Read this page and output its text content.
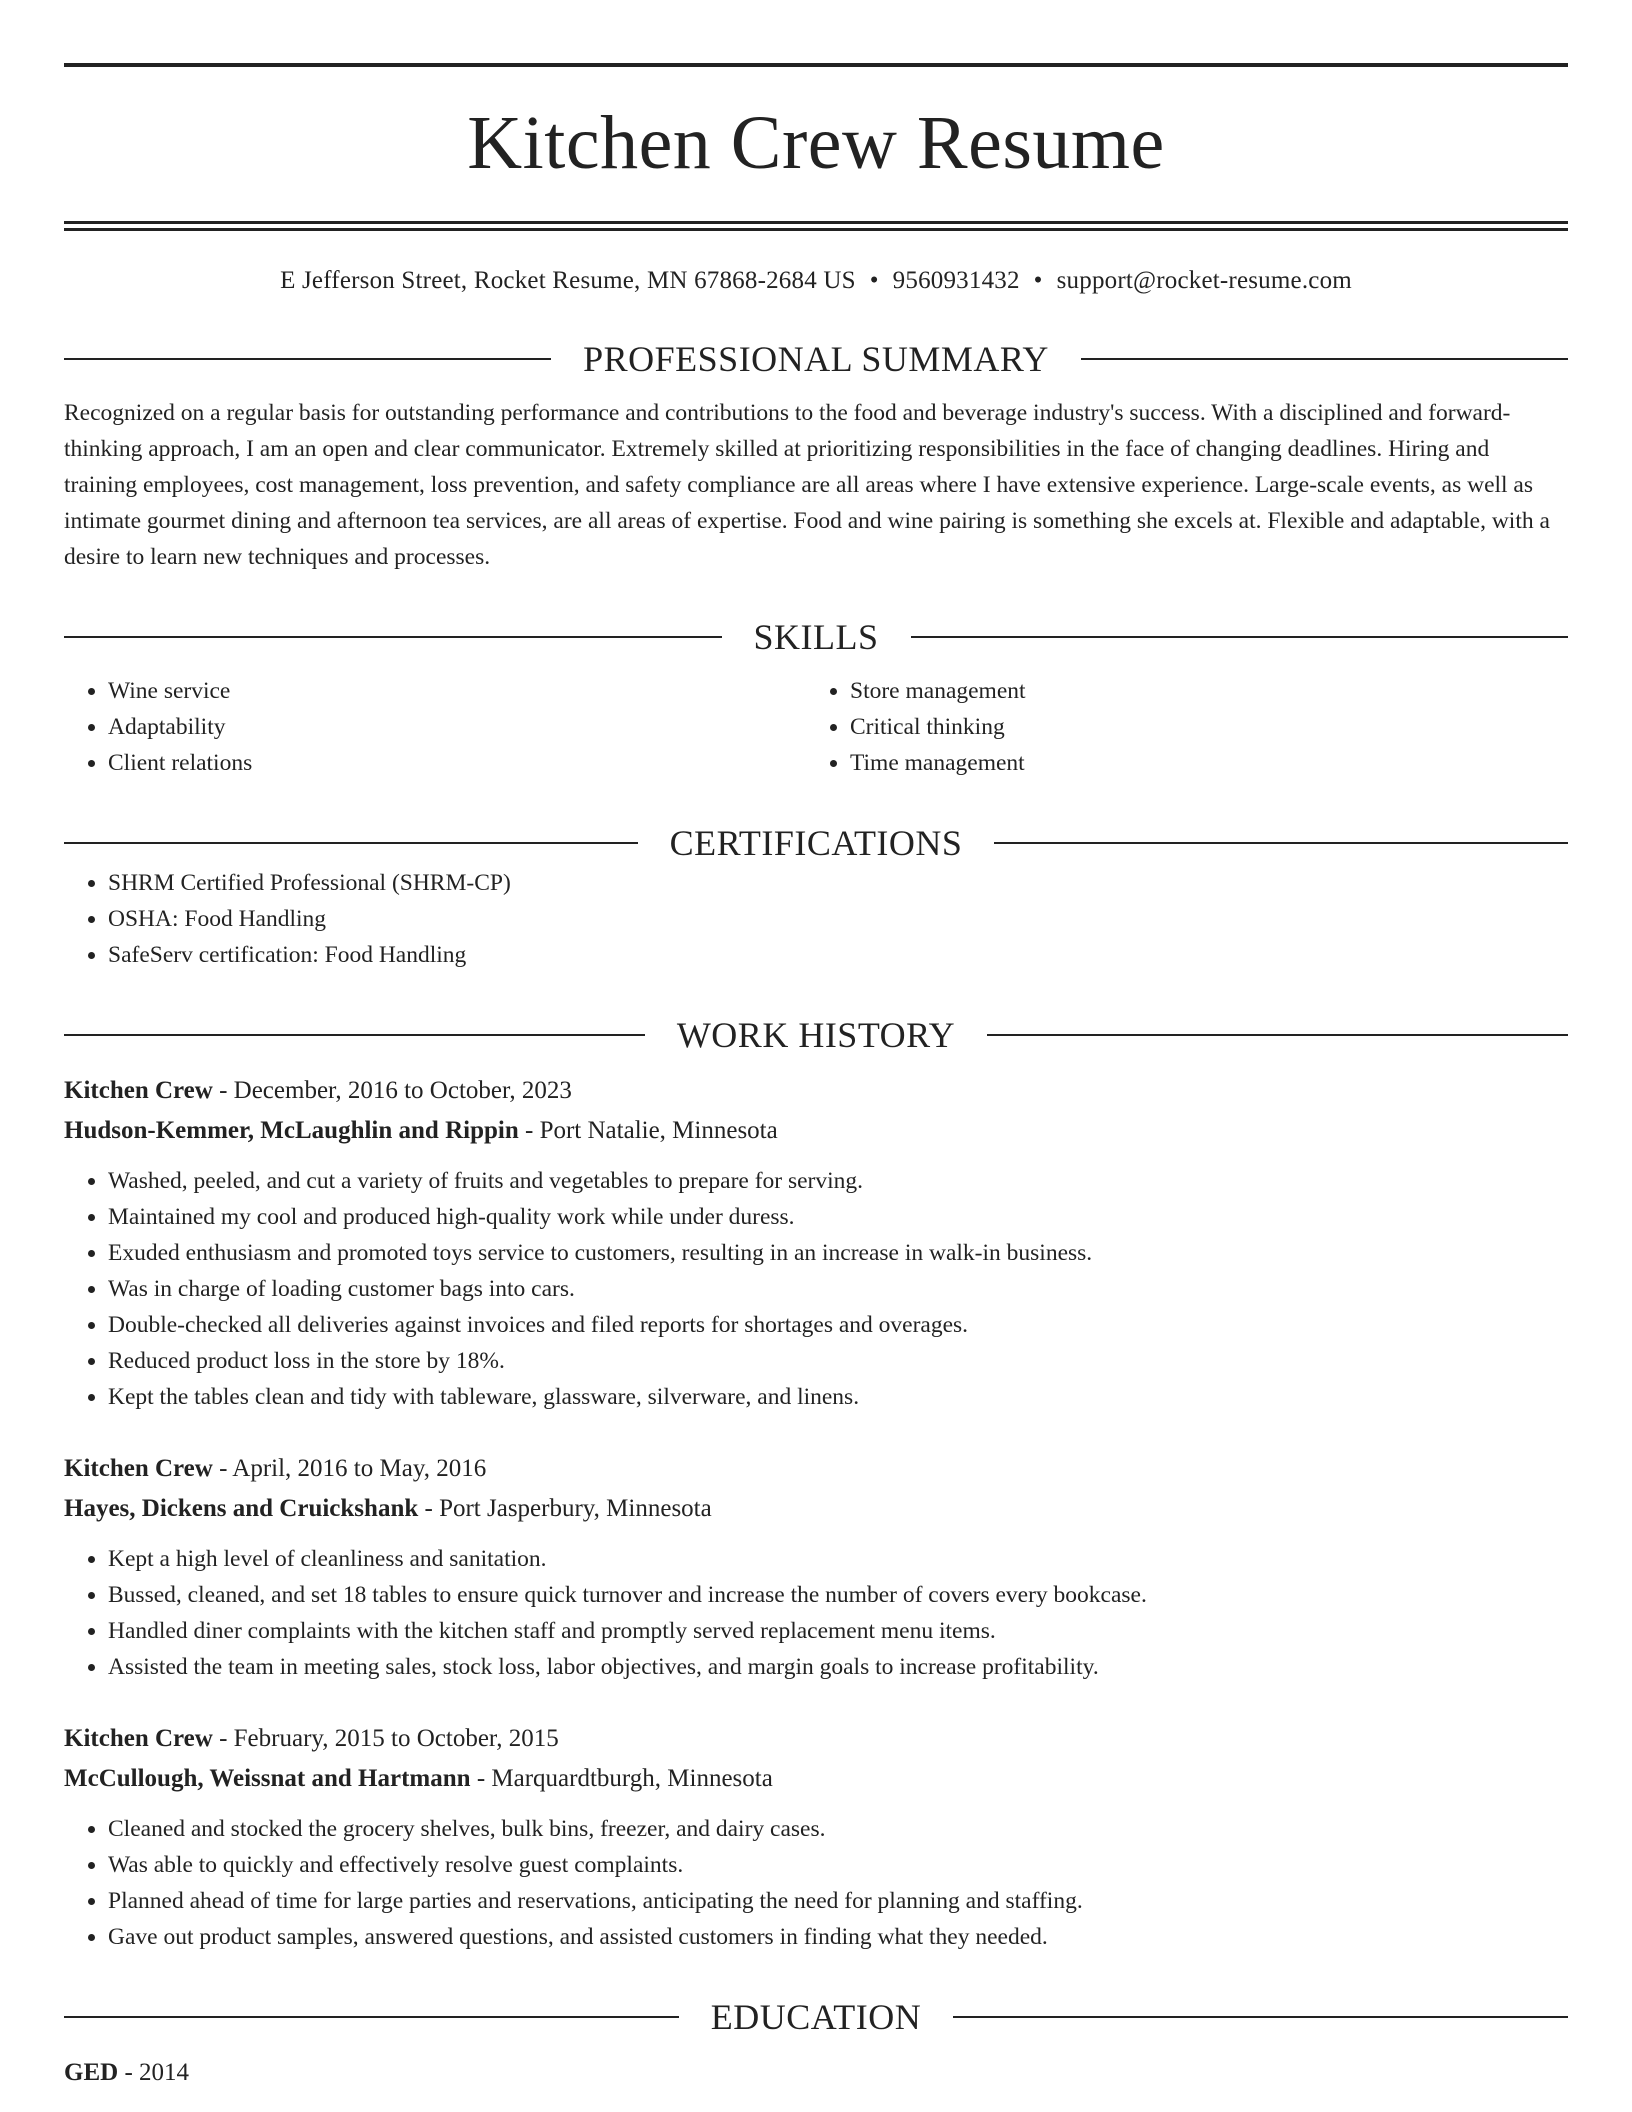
Kitchen Crew Resume
E Jefferson Street, Rocket Resume, MN 67868-2684 US • 9560931432 • support@rocket-resume.com
PROFESSIONAL SUMMARY
Recognized on a regular basis for outstanding performance and contributions to the food and beverage industry's success. With a disciplined and forward-thinking approach, I am an open and clear communicator. Extremely skilled at prioritizing responsibilities in the face of changing deadlines. Hiring and training employees, cost management, loss prevention, and safety compliance are all areas where I have extensive experience. Large-scale events, as well as intimate gourmet dining and afternoon tea services, are all areas of expertise. Food and wine pairing is something she excels at. Flexible and adaptable, with a desire to learn new techniques and processes.
SKILLS
• Wine service
• Adaptability
• Client relations
• Store management
• Critical thinking
• Time management
CERTIFICATIONS
• SHRM Certified Professional (SHRM-CP)
• OSHA: Food Handling
• SafeServ certification: Food Handling
WORK HISTORY
Kitchen Crew - December, 2016 to October, 2023
Hudson-Kemmer, McLaughlin and Rippin - Port Natalie, Minnesota
• Washed, peeled, and cut a variety of fruits and vegetables to prepare for serving.
• Maintained my cool and produced high-quality work while under duress.
• Exuded enthusiasm and promoted toys service to customers, resulting in an increase in walk-in business.
• Was in charge of loading customer bags into cars.
• Double-checked all deliveries against invoices and filed reports for shortages and overages.
• Reduced product loss in the store by 18%.
• Kept the tables clean and tidy with tableware, glassware, silverware, and linens.
Kitchen Crew - April, 2016 to May, 2016
Hayes, Dickens and Cruickshank - Port Jasperbury, Minnesota
• Kept a high level of cleanliness and sanitation.
• Bussed, cleaned, and set 18 tables to ensure quick turnover and increase the number of covers every bookcase.
• Handled diner complaints with the kitchen staff and promptly served replacement menu items.
• Assisted the team in meeting sales, stock loss, labor objectives, and margin goals to increase profitability.
Kitchen Crew - February, 2015 to October, 2015
McCullough, Weissnat and Hartmann - Marquardtburgh, Minnesota
• Cleaned and stocked the grocery shelves, bulk bins, freezer, and dairy cases.
• Was able to quickly and effectively resolve guest complaints.
• Planned ahead of time for large parties and reservations, anticipating the need for planning and staffing.
• Gave out product samples, answered questions, and assisted customers in finding what they needed.
EDUCATION
GED - 2014
